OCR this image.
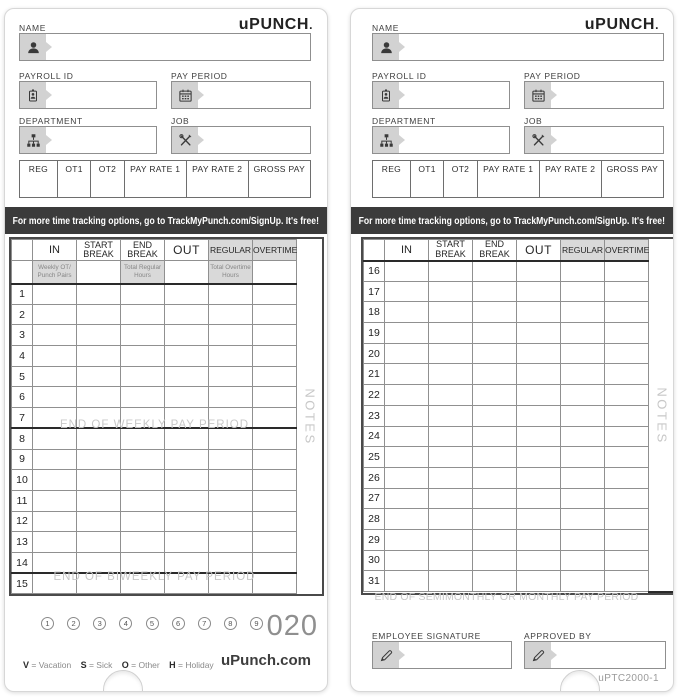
uPUNCH.
NAME
PAYROLL ID	PAY PERIOD
DEPARTMENT	JOB
REG	OT1	OT2	PAY RATE 1	PAY RATE 2	GROSS PAY
For more time tracking options, go to TrackMyPunch.com/SignUp. It's free!
END OF WEEKLY PAY PERIOD
END OF BIWEEKLY PAY PERIOD
	IN	START BREAK	END BREAK	OUT	REGULAR	OVERTIME	
	Weekly OT/ Punch Pairs		Total Regular Hours		Total Overtime Hours		
1							
2							
3							
4							
5							
6							
7							
8							
9							
10							
11							
12							
13							
14							
15							
NOTES
1	2	3	4	5	6	7	8	9 020
V = Vacation S = Sick O = Other H = Holiday uPunch.com
uPUNCH.
NAME
PAYROLL ID	PAY PERIOD
DEPARTMENT	JOB
REG	OT1	OT2	PAY RATE 1	PAY RATE 2	GROSS PAY
For more time tracking options, go to TrackMyPunch.com/SignUp. It's free!
END OF SEMIMONTHLY OR MONTHLY PAY PERIOD
	IN	START BREAK	END BREAK	OUT	REGULAR	OVERTIME	
16							
17							
18							
19							
20							
21							
22							
23							
24							
25							
26							
27							
28							
29							
30							
31							
NOTES
EMPLOYEE SIGNATURE	APPROVED BY
uPTC2000-1
